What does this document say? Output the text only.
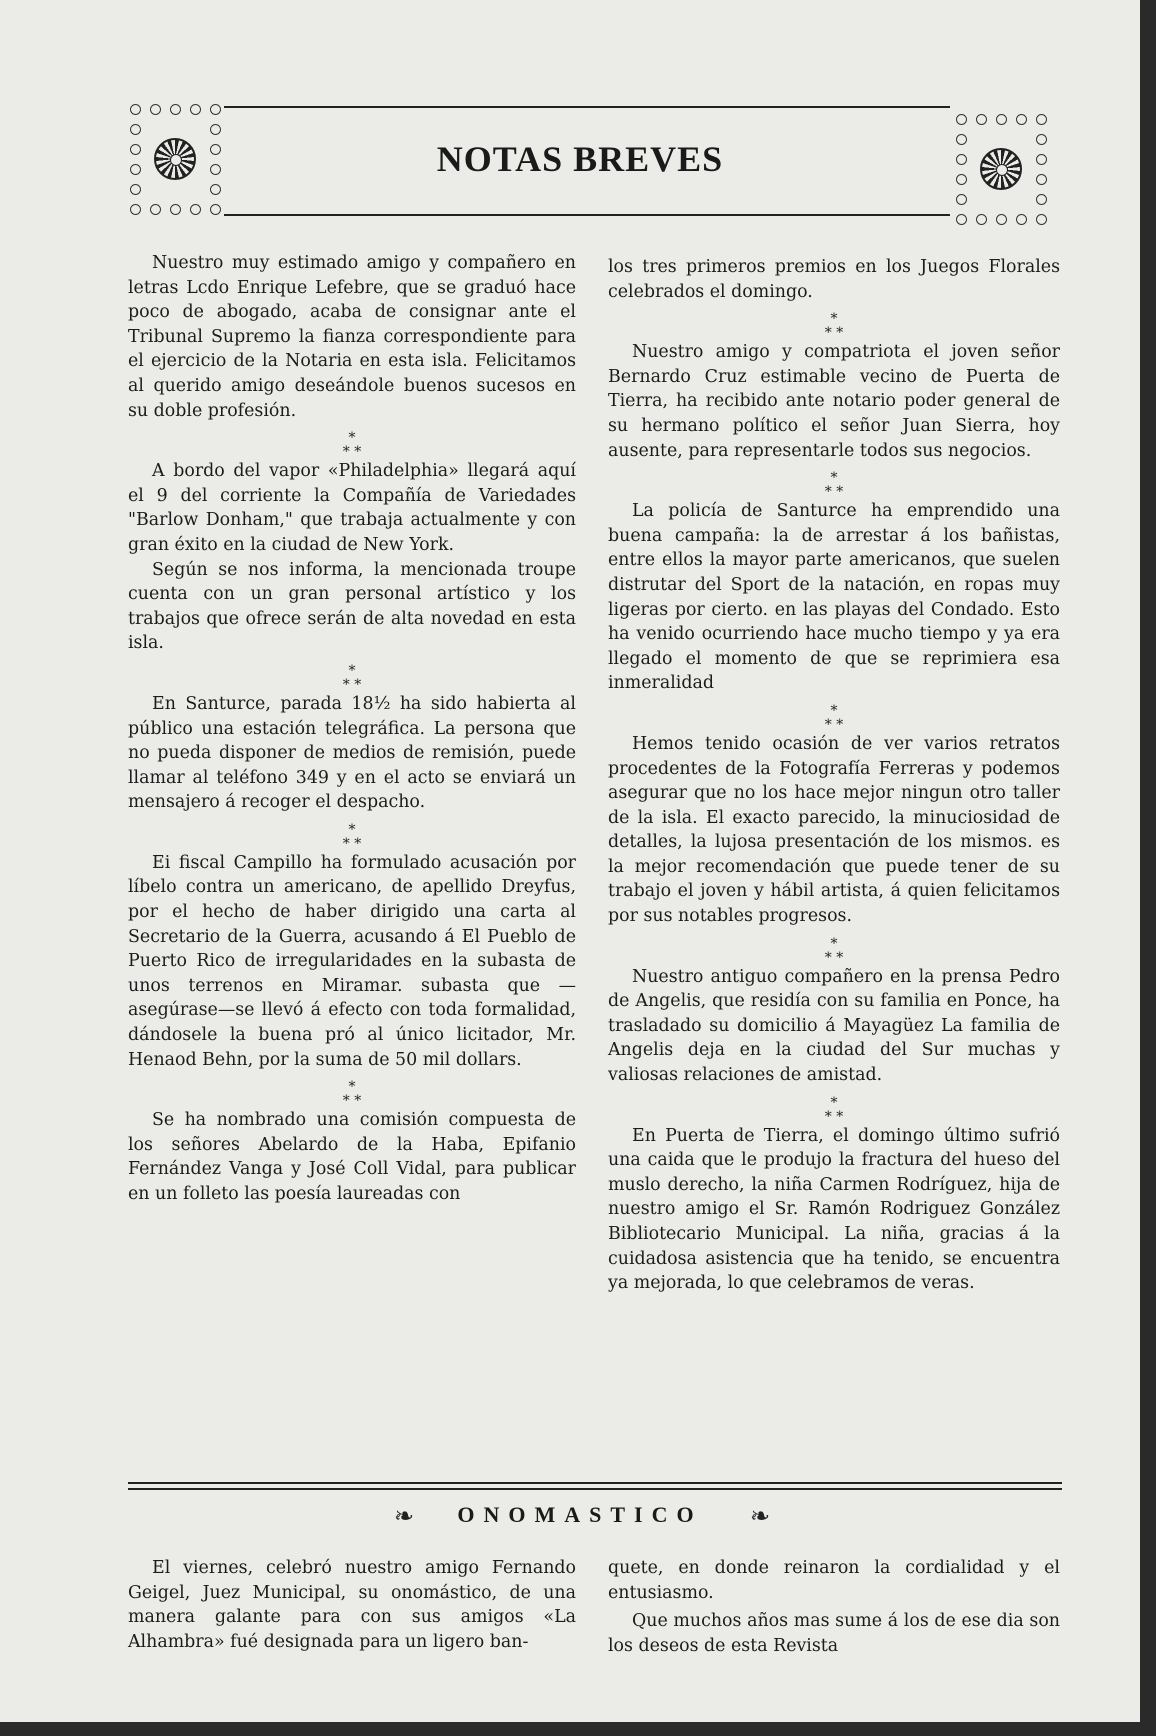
NOTAS BREVES

Nuestro muy estimado amigo y compañero en letras Lcdo Enrique Lefebre, que se graduó hace poco de abogado, acaba de consignar ante el Tribunal Supremo la fianza correspondiente para el ejercicio de la Notaria en esta isla. Felicitamos al querido amigo deseándole buenos sucesos en su doble profesión.

*
* *

A bordo del vapor «Philadelphia» llegará aquí el 9 del corriente la Compañía de Variedades "Barlow Donham," que trabaja actualmente y con gran éxito en la ciudad de New York.

Según se nos informa, la mencionada troupe cuenta con un gran personal artístico y los trabajos que ofrece serán de alta novedad en esta isla.

*
* *

En Santurce, parada 18½ ha sido habierta al público una estación telegráfica. La persona que no pueda disponer de medios de remisión, puede llamar al teléfono 349 y en el acto se enviará un mensajero á recoger el despacho.

*
* *

Ei fiscal Campillo ha formulado acusación por líbelo contra un americano, de apellido Dreyfus, por el hecho de haber dirigido una carta al Secretario de la Guerra, acusando á El Pueblo de Puerto Rico de irregularidades en la subasta de unos terrenos en Miramar. subasta que —asegúrase—se llevó á efecto con toda formalidad, dándosele la buena pró al único licitador, Mr. Henaod Behn, por la suma de 50 mil dollars.

*
* *

Se ha nombrado una comisión compuesta de los señores Abelardo de la Haba, Epifanio Fernández Vanga y José Coll Vidal, para publicar en un folleto las poesía laureadas con

los tres primeros premios en los Juegos Florales celebrados el domingo.

*
* *

Nuestro amigo y compatriota el joven señor Bernardo Cruz estimable vecino de Puerta de Tierra, ha recibido ante notario poder general de su hermano político el señor Juan Sierra, hoy ausente, para representarle todos sus negocios.

*
* *

La policía de Santurce ha emprendido una buena campaña: la de arrestar á los bañistas, entre ellos la mayor parte americanos, que suelen distrutar del Sport de la natación, en ropas muy ligeras por cierto. en las playas del Condado. Esto ha venido ocurriendo hace mucho tiempo y ya era llegado el momento de que se reprimiera esa inmeralidad

*
* *

Hemos tenido ocasión de ver varios retratos procedentes de la Fotografía Ferreras y podemos asegurar que no los hace mejor ningun otro taller de la isla. El exacto parecido, la minuciosidad de detalles, la lujosa presentación de los mismos. es la mejor recomendación que puede tener de su trabajo el joven y hábil artista, á quien felicitamos por sus notables progresos.

*
* *

Nuestro antiguo compañero en la prensa Pedro de Angelis, que residía con su familia en Ponce, ha trasladado su domicilio á Mayagüez La familia de Angelis deja en la ciudad del Sur muchas y valiosas relaciones de amistad.

*
* *

En Puerta de Tierra, el domingo último sufrió una caida que le produjo la fractura del hueso del muslo derecho, la niña Carmen Rodríguez, hija de nuestro amigo el Sr. Ramón Rodriguez González Bibliotecario Municipal. La niña, gracias á la cuidadosa asistencia que ha tenido, se encuentra ya mejorada, lo que celebramos de veras.

❧	ONOMASTICO	❧

El viernes, celebró nuestro amigo Fernando Geigel, Juez Municipal, su onomástico, de una manera galante para con sus amigos «La Alhambra» fué designada para un ligero ban-

quete, en donde reinaron la cordialidad y el entusiasmo.

Que muchos años mas sume á los de ese dia son los deseos de esta Revista
